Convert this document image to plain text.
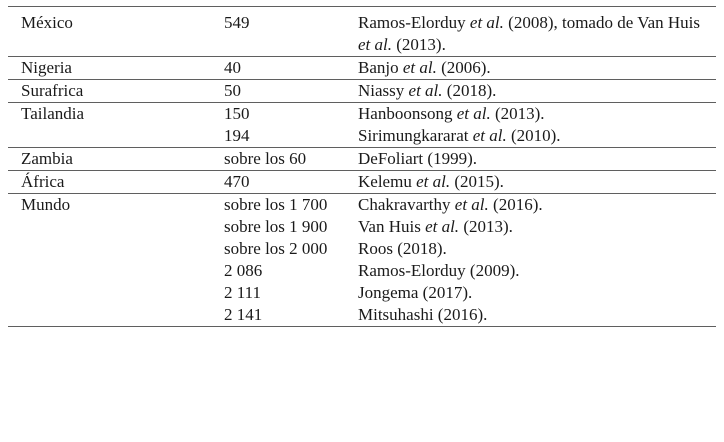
México	549	Ramos-Elorduy et al. (2008), tomado de Van Huis et al. (2013).
Nigeria	40	Banjo et al. (2006).
Surafrica	50	Niassy et al. (2018).
Tailandia	150	Hanboonsong et al. (2013).
	194	Sirimungkararat et al. (2010).
Zambia	sobre los 60	DeFoliart (1999).
África	470	Kelemu et al. (2015).
Mundo	sobre los 1 700	Chakravarthy et al. (2016).
	sobre los 1 900	Van Huis et al. (2013).
	sobre los 2 000	Roos (2018).
	2 086	Ramos-Elorduy (2009).
	2 111	Jongema (2017).
	2 141	Mitsuhashi (2016).
